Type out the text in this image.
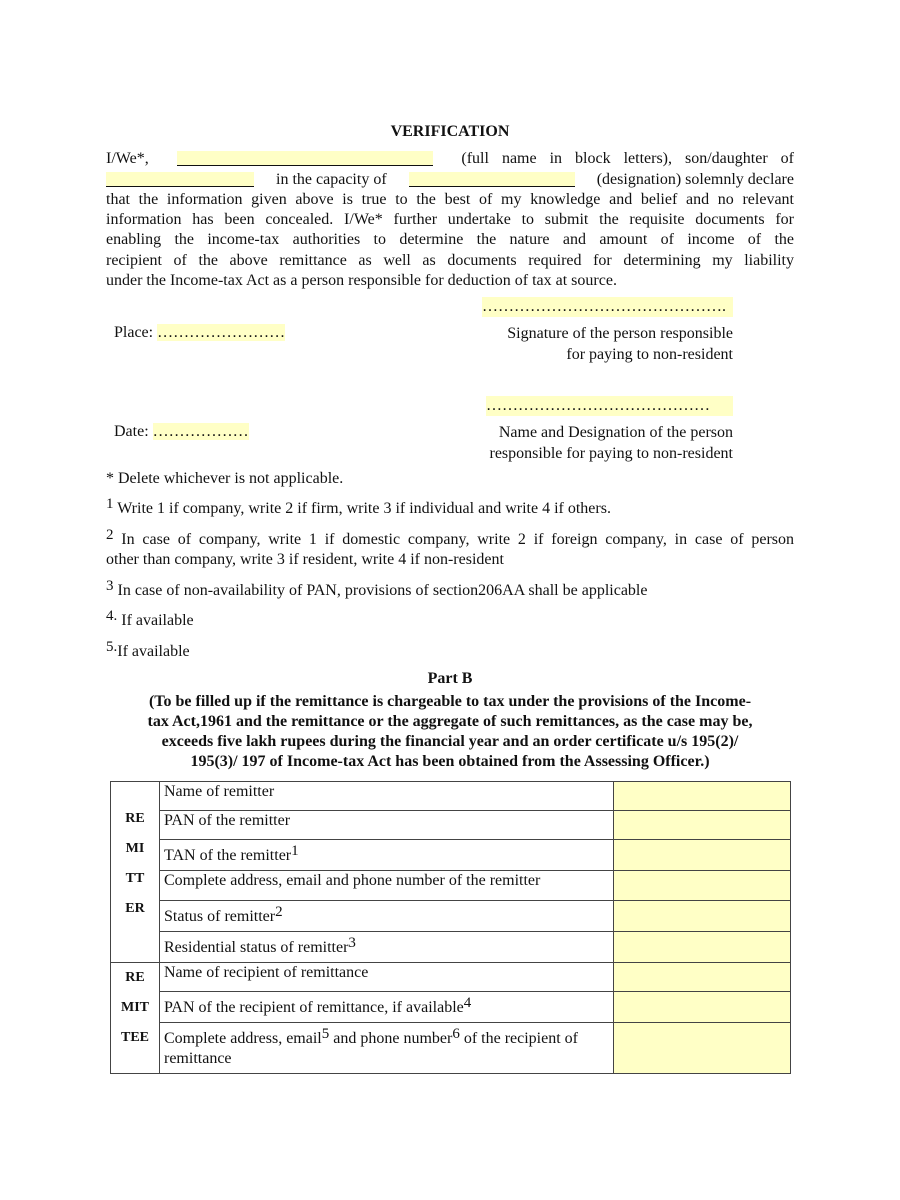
VERIFICATION
I/We*,	(full name in block letters), son/daughter of
in the capacity of	(designation) solemnly declare
that the information given above is true to the best of my knowledge and belief and no relevant
information has been concealed. I/We* further undertake to submit the requisite documents for
enabling the income-tax authorities to determine the nature and amount of income of the
recipient of the above remittance as well as documents required for determining my liability
under the Income-tax Act as a person responsible for deduction of tax at source.
……………………………………….
Place: ……………………	Signature of the person responsible
for paying to non-resident
……………………………………
Date: ………………	Name and Designation of the person
responsible for paying to non-resident
* Delete whichever is not applicable.
$^1$ Write 1 if company, write 2 if firm, write 3 if individual and write 4 if others.
$^2$ In case of company, write 1 if domestic company, write 2 if foreign company, in case of person
other than company, write 3 if resident, write 4 if non-resident
$^3$ In case of non-availability of PAN, provisions of section206AA shall be applicable
$^{4.}$ If available
$^{5.}$If available
Part B
(To be filled up if the remittance is chargeable to tax under the provisions of the Income-
tax Act,1961 and the remittance or the aggregate of such remittances, as the case may be,
exceeds five lakh rupees during the financial year and an order certificate u/s 195(2)/
195(3)/ 197 of Income-tax Act has been obtained from the Assessing Officer.)
RE
MI
TT
ER	Name of remitter	
	PAN of the remitter	
	TAN of the remitter$^1$	
	Complete address, email and phone number of the remitter	
	Status of remitter$^2$	
	Residential status of remitter$^3$	

RE
MIT
TEE	Name of recipient of remittance	
	PAN of the recipient of remittance, if available$^4$	
	Complete address, email$^5$ and phone number$^6$ of the recipient of remittance	
